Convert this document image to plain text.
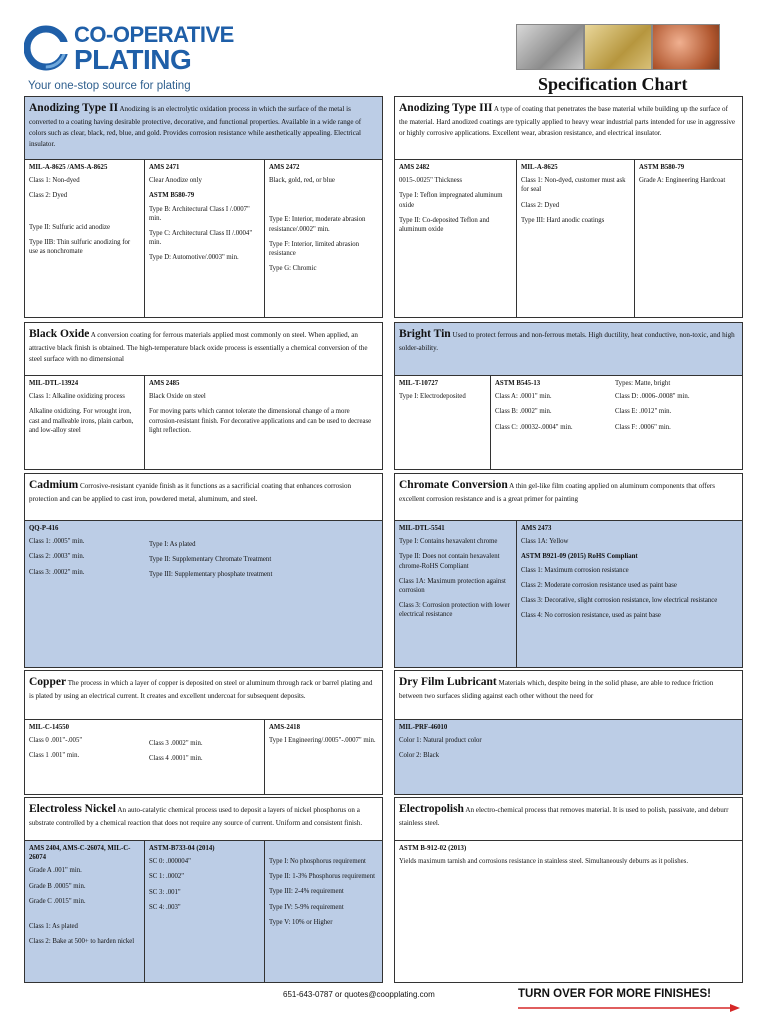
CO-OPERATIVE
PLATING
Your one-stop source for plating	Specification Chart
Anodizing Type II Anodizing is an electrolytic oxidation process in which the surface of the metal is converted to a coating having desirable protective, decorative, and functional properties. Available in a wide range of colors such as clear, black, red, blue, and gold. Provides corrosion resistance while aesthetically appealing. Electrical insulator.
MIL-A-8625 /AMS-A-8625

Class 1: Non-dyed

Class 2: Dyed

Type II: Sulfuric acid anodize

Type IIB: Thin sulfuric anodizing for use as nonchromate

AMS 2471

Clear Anodize only

ASTM B580-79

Type B: Architectural Class I /.0007" min.

Type C: Architectural Class II /.0004" min.

Type D: Automotive/.0003" min.

AMS 2472

Black, gold, red, or blue

Type E: Interior, moderate abrasion resistance/.0002" min.

Type F: Interior, limited abrasion resistance

Type G: Chromic

Anodizing Type III A type of coating that penetrates the base material while building up the surface of the material. Hard anodized coatings are typically applied to heavy wear industrial parts intended for use in aggressive or highly corrosive applications. Excellent wear, abrasion resistance, and electrical insulator.
AMS 2482

0015-.0025" Thickness

Type I: Teflon impregnated aluminum oxide

Type II: Co-deposited Teflon and aluminum oxide

MIL-A-8625

Class 1: Non-dyed, customer must ask for seal

Class 2: Dyed

Type III: Hard anodic coatings

ASTM B580-79

Grade A: Engineering Hardcoat

Black Oxide A conversion coating for ferrous materials applied most commonly on steel. When applied, an attractive black finish is obtained. The high-temperature black oxide process is essentially a chemical conversion of the steel surface with no dimensional
MIL-DTL-13924

Class 1: Alkaline oxidizing process

Alkaline oxidizing. For wrought iron, cast and malleable irons, plain carbon, and low-alloy steel

AMS 2485

Black Oxide on steel

For moving parts which cannot tolerate the dimensional change of a more corrosion-resistant finish. For decorative applications and can be used to decrease light reflection.

Bright Tin Used to protect ferrous and non-ferrous metals. High ductility, heat conductive, non-toxic, and high solder-ability.
MIL-T-10727

Type I: Electrodeposited

ASTM B545-13

Class A: .0001" min.

Class B: .0002" min.

Class C: .00032-.0004" min.

Types: Matte, bright

Class D: .0006-.0008" min.

Class E: .0012" min.

Class F: .0006" min.

Cadmium Corrosive-resistant cyanide finish as it functions as a sacrificial coating that enhances corrosion protection and can be applied to cast iron, powdered metal, aluminum, and steel.
QQ-P-416

Class 1: .0005" min.

Class 2: .0003" min.

Class 3: .0002" min.

Type I: As plated

Type II: Supplementary Chromate Treatment

Type III: Supplementary phosphate treatment

Chromate Conversion A thin gel-like film coating applied on aluminum components that offers excellent corrosion resistance and is a great primer for painting
MIL-DTL-5541

Type I: Contains hexavalent chrome

Type II: Does not contain hexavalent chrome-RoHS Compliant

Class 1A: Maximum protection against corrosion

Class 3: Corrosion protection with lower electrical resistance

AMS 2473

Class 1A: Yellow

ASTM B921-09 (2015) RoHS Compliant

Class 1: Maximum corrosion resistance

Class 2: Moderate corrosion resistance used as paint base

Class 3: Decorative, slight corrosion resistance, low electrical resistance

Class 4: No corrosion resistance, used as paint base

Copper The process in which a layer of copper is deposited on steel or aluminum through rack or barrel plating and is plated by using an electrical current. It creates and excellent undercoat for subsequent deposits.
MIL-C-14550

Class 0 .001"-.005"

Class 1 .001" min.

Class 3 .0002" min.

Class 4 .0001" min.

AMS-2418

Type I Engineering/.0005"-.0007" min.

Dry Film Lubricant Materials which, despite being in the solid phase, are able to reduce friction between two surfaces sliding against each other without the need for
MIL-PRF-46010

Color 1: Natural product color

Color 2: Black

Electroless Nickel An auto-catalytic chemical process used to deposit a layers of nickel phosphorus on a substrate controlled by a chemical reaction that does not require any source of current. Uniform and consistent finish.
AMS 2404, AMS-C-26074, MIL-C-26074

Grade A .001" min.

Grade B .0005" min.

Grade C .0015" min.

Class 1: As plated

Class 2: Bake at 500+ to harden nickel

ASTM-B733-04 (2014)

SC 0: .000004"

SC 1: .0002"

SC 3: .001"

SC 4: .003"

Type I: No phosphorus requirement

Type II: 1-3% Phosphorus requirement

Type III: 2-4% requirement

Type IV: 5-9% requirement

Type V: 10% or Higher

Electropolish An electro-chemical process that removes material. It is used to polish, passivate, and deburr stainless steel.
ASTM B-912-02 (2013)

Yields maximum tarnish and corrosions resistance in stainless steel. Simultaneously deburrs as it polishes.

651-643-0787 or quotes@coopplating.com	TURN OVER FOR MORE FINISHES!
